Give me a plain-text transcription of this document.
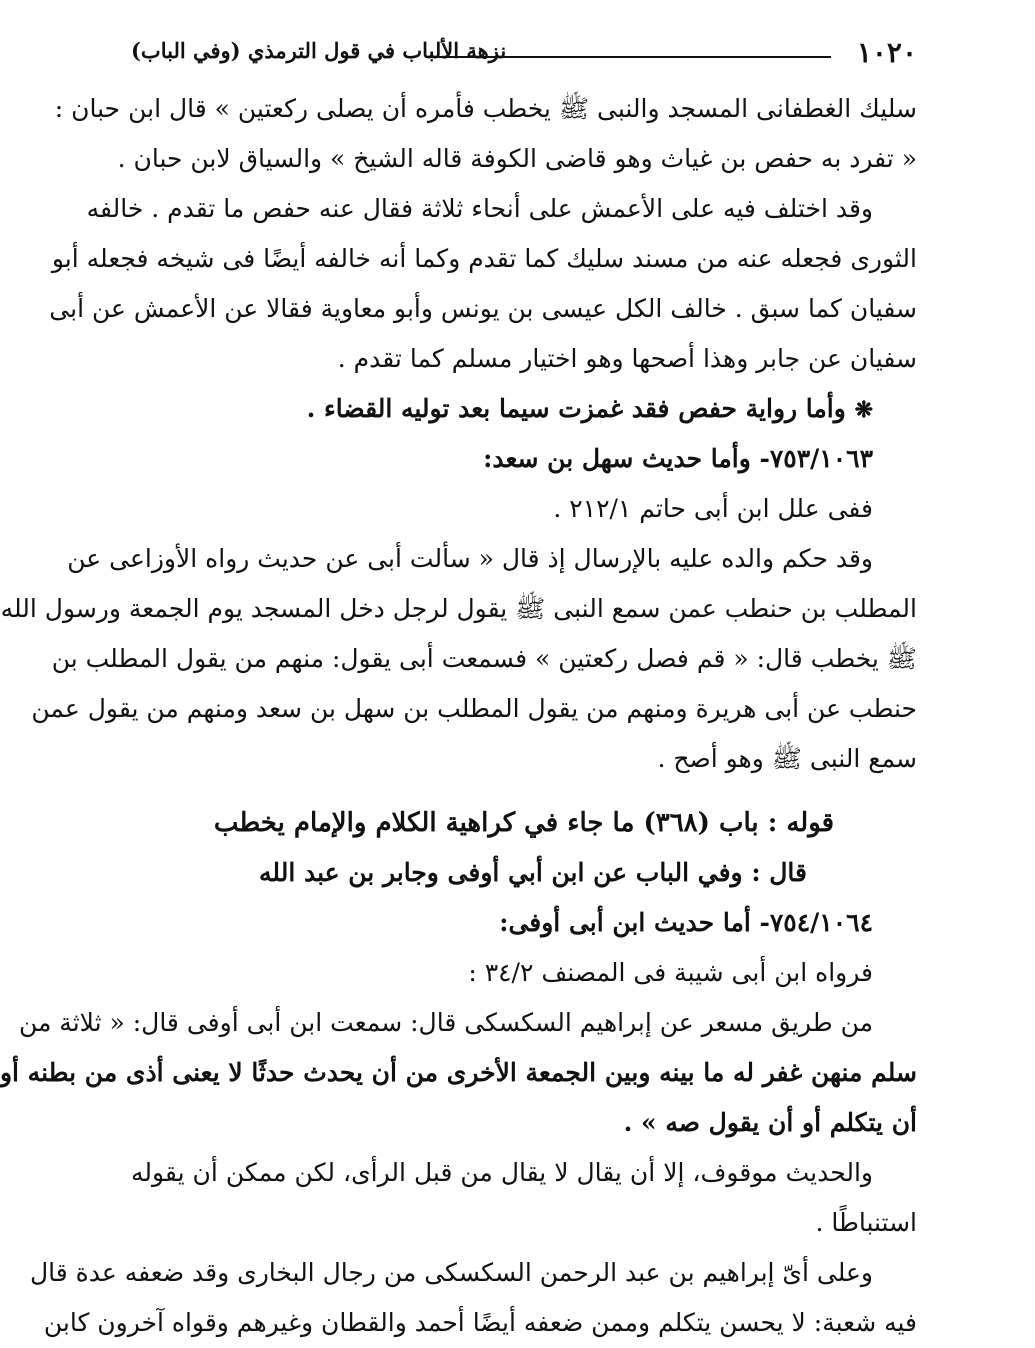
١٠٢٠
نزهة الألباب في قول الترمذي (وفي الباب)
سليك الغطفانى المسجد والنبى ﷺ يخطب فأمره أن يصلى ركعتين » قال ابن حبان :
« تفرد به حفص بن غياث وهو قاضى الكوفة قاله الشيخ » والسياق لابن حبان .
وقد اختلف فيه على الأعمش على أنحاء ثلاثة فقال عنه حفص ما تقدم . خالفه
الثورى فجعله عنه من مسند سليك كما تقدم وكما أنه خالفه أيضًا فى شيخه فجعله أبو
سفيان كما سبق . خالف الكل عيسى بن يونس وأبو معاوية فقالا عن الأعمش عن أبى
سفيان عن جابر وهذا أصحها وهو اختيار مسلم كما تقدم .
❋ وأما رواية حفص فقد غمزت سيما بعد توليه القضاء .
٧٥٣/١٠٦٣- وأما حديث سهل بن سعد:
ففى علل ابن أبى حاتم ٢١٢/١ .
وقد حكم والده عليه بالإرسال إذ قال « سألت أبى عن حديث رواه الأوزاعى عن
المطلب بن حنطب عمن سمع النبى ﷺ يقول لرجل دخل المسجد يوم الجمعة ورسول الله
ﷺ يخطب قال: « قم فصل ركعتين » فسمعت أبى يقول: منهم من يقول المطلب بن
حنطب عن أبى هريرة ومنهم من يقول المطلب بن سهل بن سعد ومنهم من يقول عمن
سمع النبى ﷺ وهو أصح .
قوله : باب (٣٦٨) ما جاء في كراهية الكلام والإمام يخطب
قال : وفي الباب عن ابن أبي أوفى وجابر بن عبد الله
٧٥٤/١٠٦٤- أما حديث ابن أبى أوفى:
فرواه ابن أبى شيبة فى المصنف ٣٤/٢ :
من طريق مسعر عن إبراهيم السكسكى قال: سمعت ابن أبى أوفى قال: « ثلاثة من
سلم منهن غفر له ما بينه وبين الجمعة الأخرى من أن يحدث حدثًا لا يعنى أذى من بطنه أو
أن يتكلم أو أن يقول صه » .
والحديث موقوف، إلا أن يقال لا يقال من قبل الرأى، لكن ممكن أن يقوله
استنباطًا .
وعلى أىّ إبراهيم بن عبد الرحمن السكسكى من رجال البخارى وقد ضعفه عدة قال
فيه شعبة: لا يحسن يتكلم وممن ضعفه أيضًا أحمد والقطان وغيرهم وقواه آخرون كابن
